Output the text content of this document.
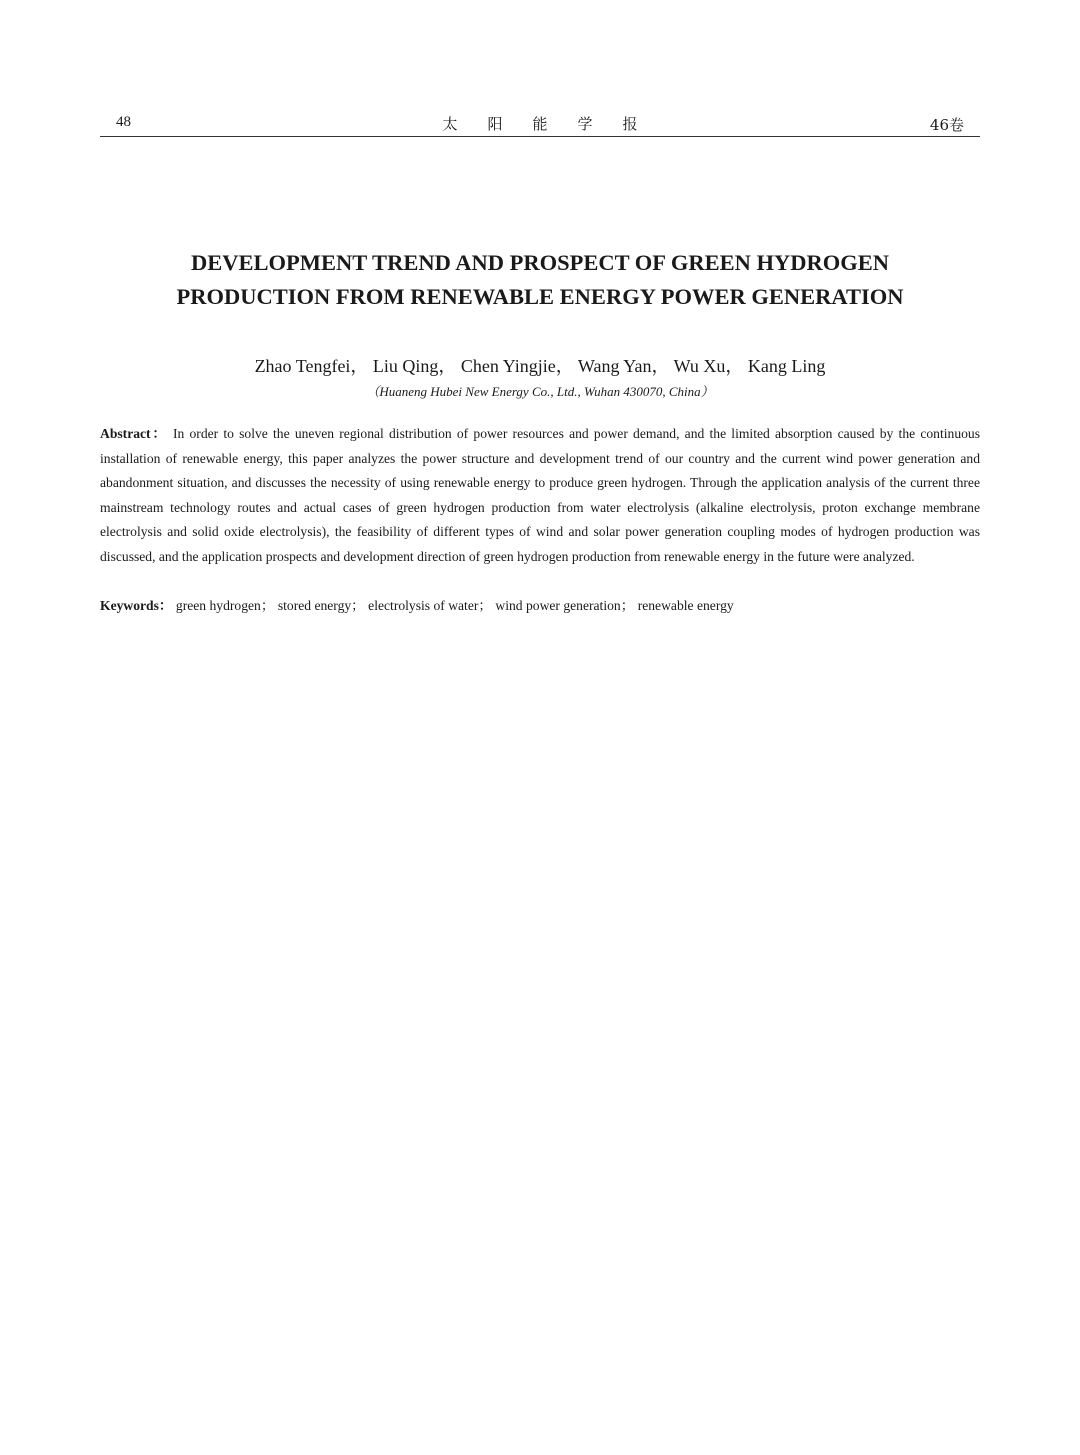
48	太阳能学报	46卷
DEVELOPMENT TREND AND PROSPECT OF GREEN HYDROGEN
PRODUCTION FROM RENEWABLE ENERGY POWER GENERATION

Zhao Tengfei， Liu Qing， Chen Yingjie， Wang Yan， Wu Xu， Kang Ling

（Huaneng Hubei New Energy Co., Ltd., Wuhan 430070, China）

Abstract： In order to solve the uneven regional distribution of power resources and power demand, and the limited absorption caused by the continuous installation of renewable energy, this paper analyzes the power structure and development trend of our country and the current wind power generation and abandonment situation, and discusses the necessity of using renewable energy to produce green hydrogen. Through the application analysis of the current three mainstream technology routes and actual cases of green hydrogen production from water electrolysis (alkaline electrolysis, proton exchange membrane electrolysis and solid oxide electrolysis), the feasibility of different types of wind and solar power generation coupling modes of hydrogen production was discussed, and the application prospects and development direction of green hydrogen production from renewable energy in the future were analyzed.

Keywords： green hydrogen； stored energy； electrolysis of water； wind power generation； renewable energy
